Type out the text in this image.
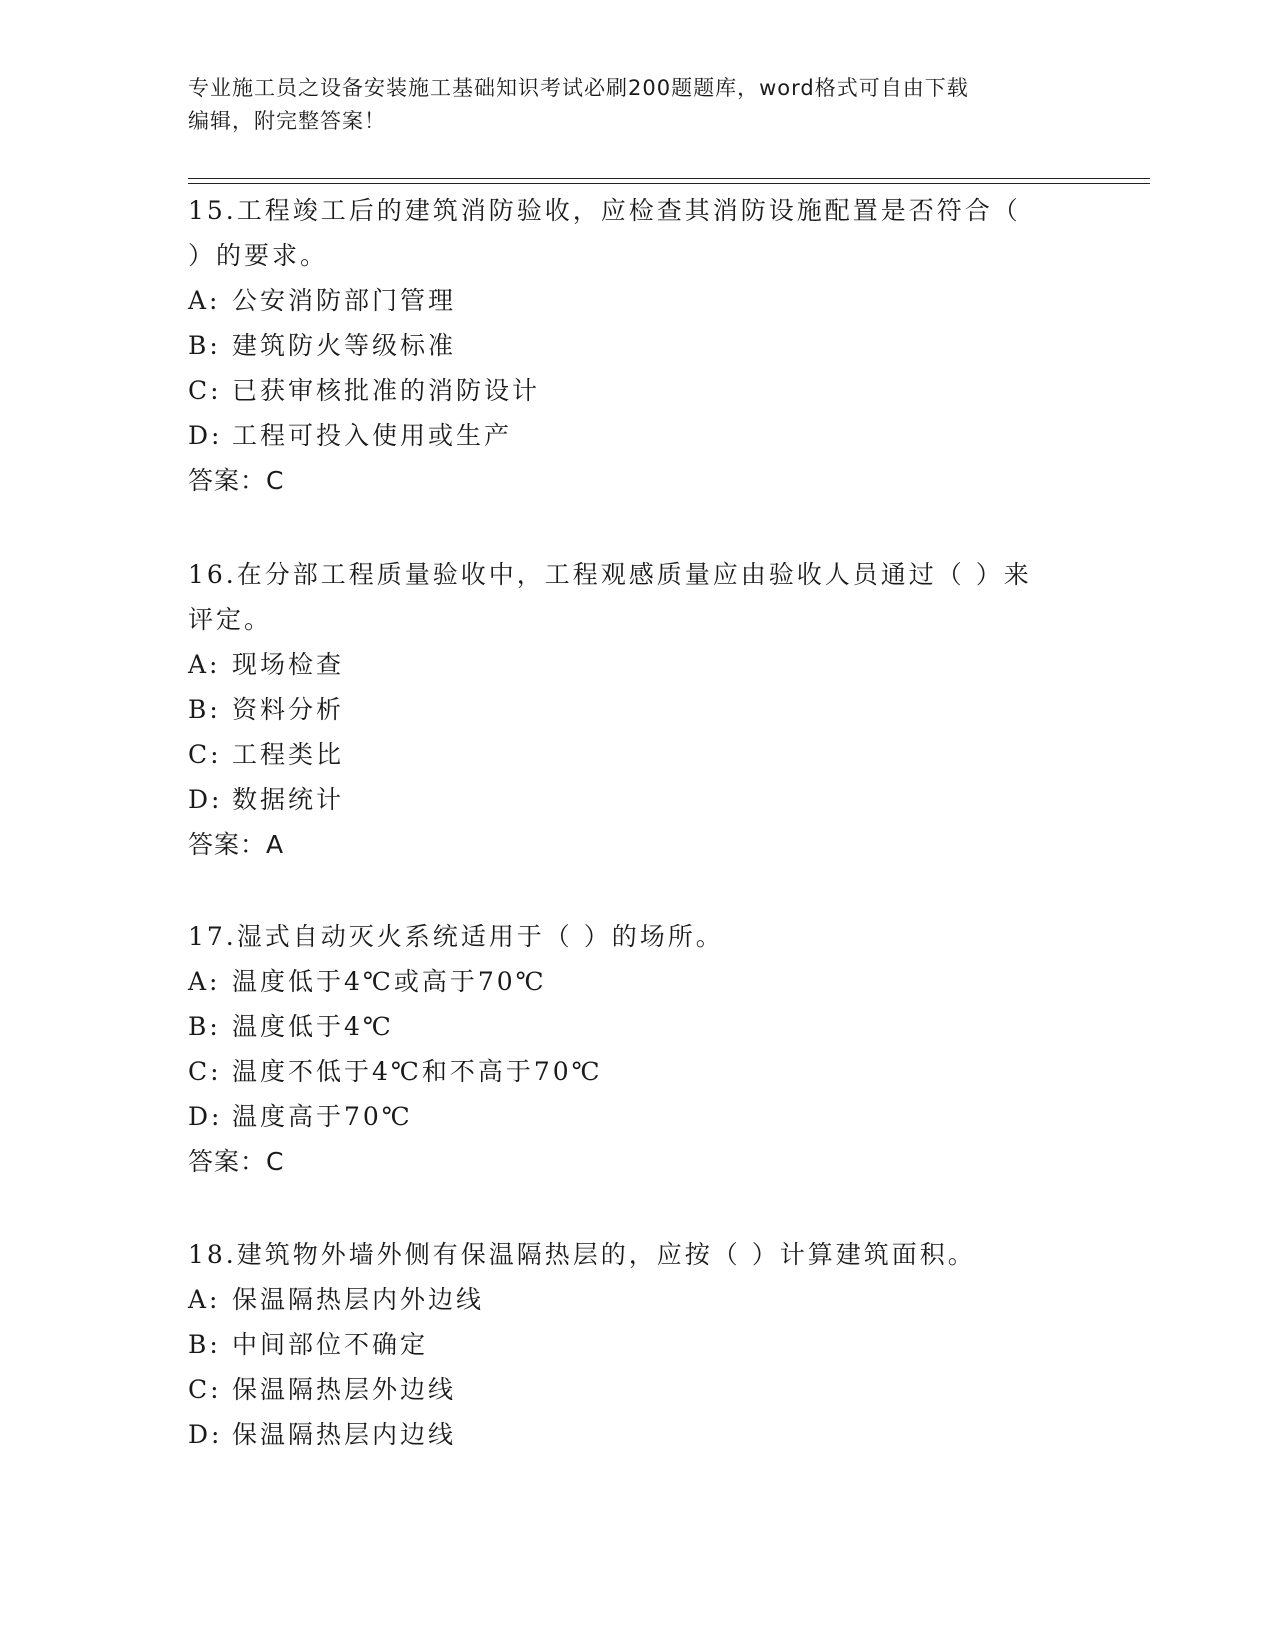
专业施工员之设备安装施工基础知识考试必刷200题题库，word格式可自由下载
编辑，附完整答案！

15.工程竣工后的建筑消防验收，应检查其消防设施配置是否符合（

）的要求。

A: 公安消防部门管理

B: 建筑防火等级标准

C: 已获审核批准的消防设计

D: 工程可投入使用或生产

答案：C

16.在分部工程质量验收中，工程观感质量应由验收人员通过（ ）来

评定。

A: 现场检查

B: 资料分析

C: 工程类比

D: 数据统计

答案：A

17.湿式自动灭火系统适用于（ ）的场所。

A: 温度低于4℃或高于70℃

B: 温度低于4℃

C: 温度不低于4℃和不高于70℃

D: 温度高于70℃

答案：C

18.建筑物外墙外侧有保温隔热层的，应按（ ）计算建筑面积。

A: 保温隔热层内外边线

B: 中间部位不确定

C: 保温隔热层外边线

D: 保温隔热层内边线
